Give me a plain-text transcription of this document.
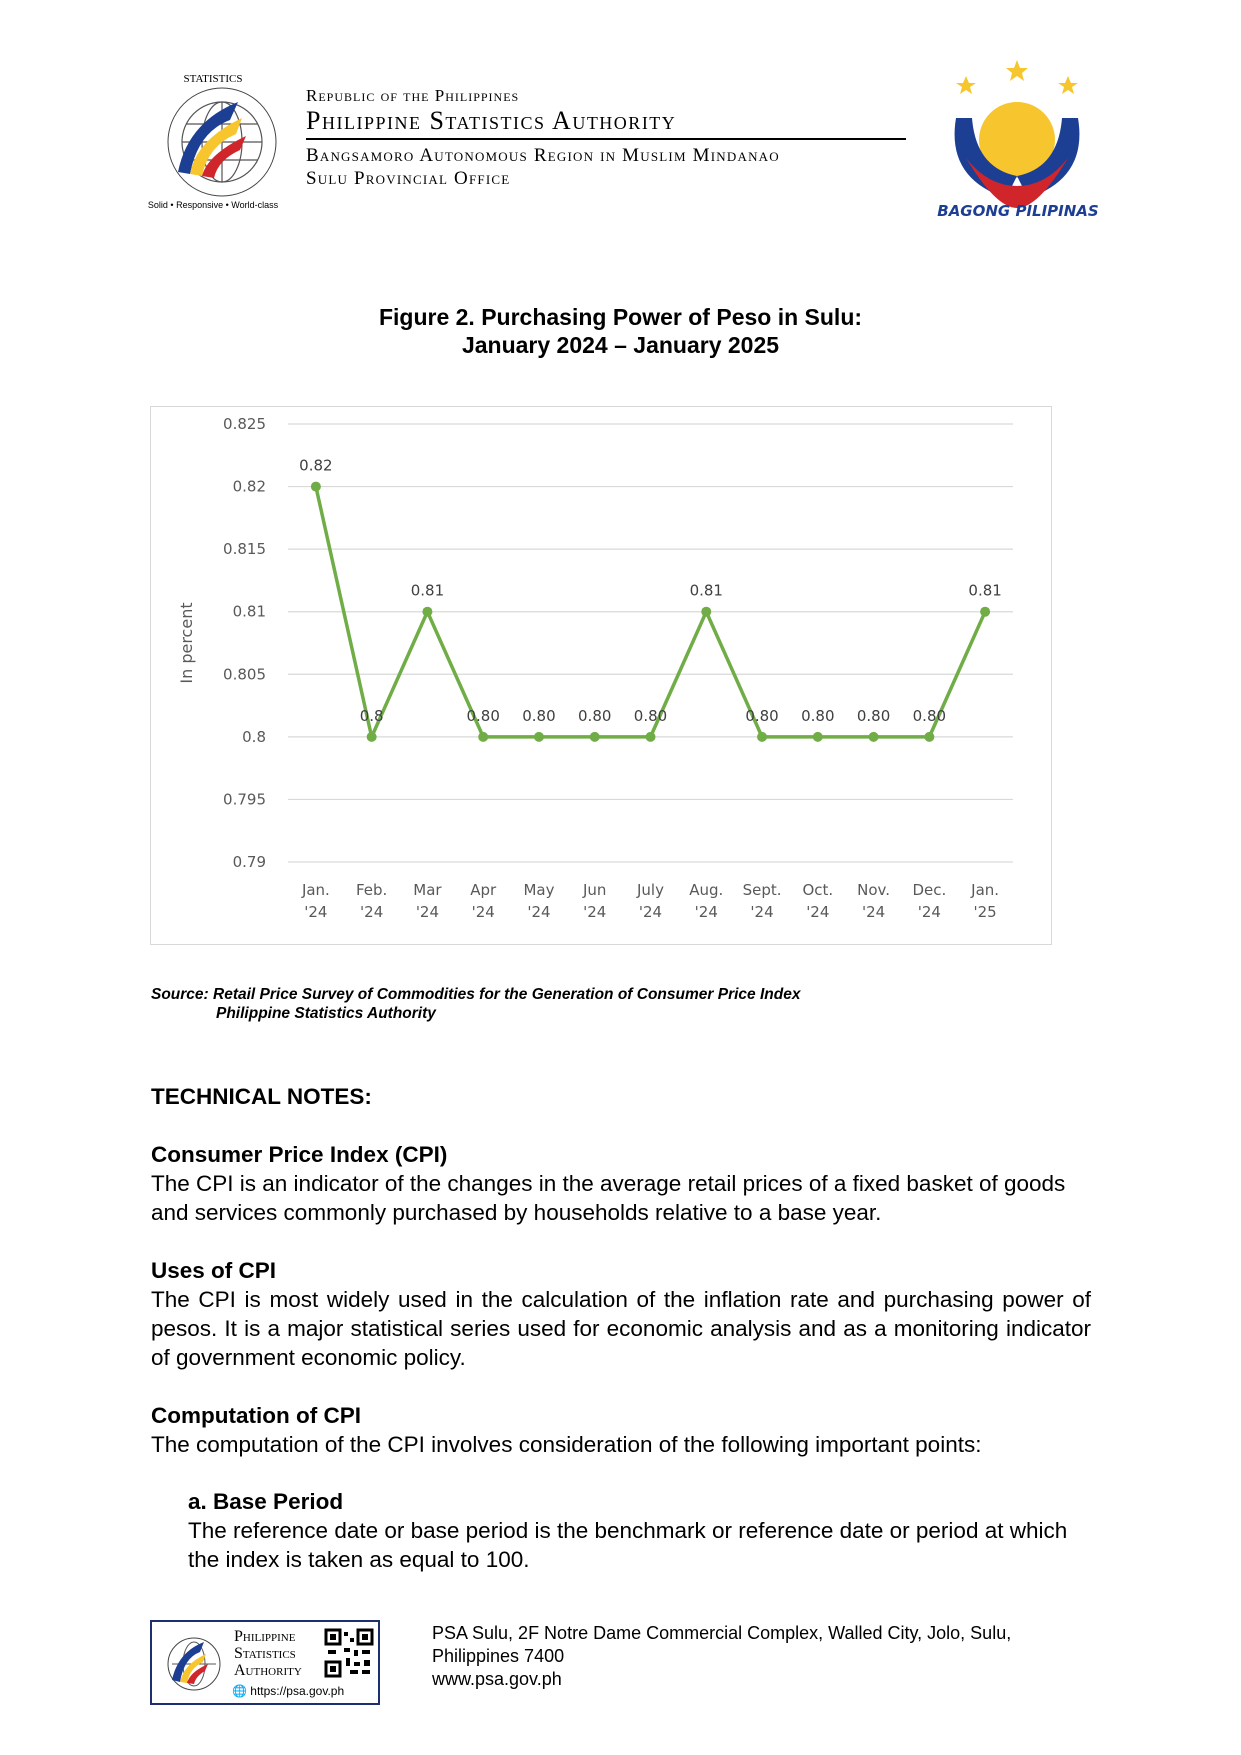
STATISTICS
Solid • Responsive • World-class
Republic of the Philippines
Philippine Statistics Authority
Bangsamoro Autonomous Region in Muslim Mindanao
Sulu Provincial Office
BAGONG PILIPINAS
Figure 2. Purchasing Power of Peso in Sulu:
January 2024 – January 2025
0.825
0.82
0.815
0.81
0.805
0.8
0.795
0.79
In percent
0.82
Jan.
'24
0.8
Feb.
'24
0.81
Mar
'24
0.80
Apr
'24
0.80
May
'24
0.80
Jun
'24
0.80
July
'24
0.81
Aug.
'24
0.80
Sept.
'24
0.80
Oct.
'24
0.80
Nov.
'24
0.80
Dec.
'24
0.81
Jan.
'25
Source: Retail Price Survey of Commodities for the Generation of Consumer Price Index
Philippine Statistics Authority
TECHNICAL NOTES:
Consumer Price Index (CPI)
The CPI is an indicator of the changes in the average retail prices of a fixed basket of goods and services commonly purchased by households relative to a base year.
Uses of CPI
The CPI is most widely used in the calculation of the inflation rate and purchasing power of pesos. It is a major statistical series used for economic analysis and as a monitoring indicator of government economic policy.
Computation of CPI
The computation of the CPI involves consideration of the following important points:
a. Base Period
The reference date or base period is the benchmark or reference date or period at which the index is taken as equal to 100.
Philippine
Statistics
Authority
🌐 https://psa.gov.ph
PSA Sulu, 2F Notre Dame Commercial Complex, Walled City, Jolo, Sulu,
Philippines 7400
www.psa.gov.ph
